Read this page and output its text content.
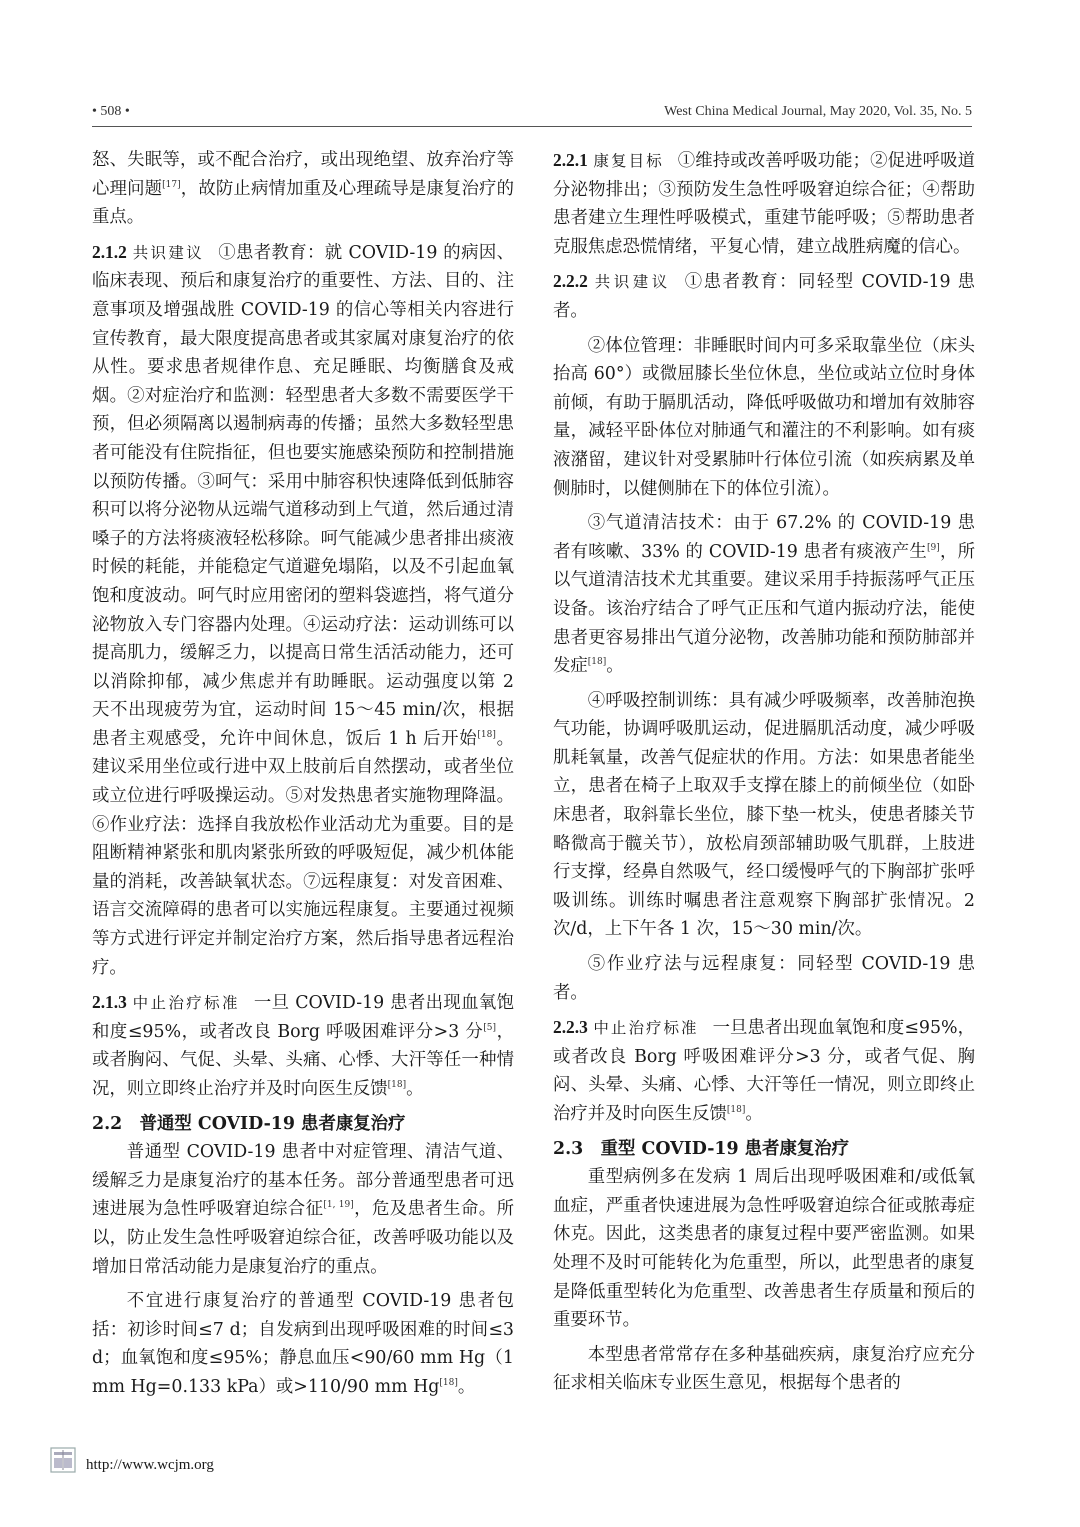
• 508 •	West China Medical Journal, May 2020, Vol. 35, No. 5

怒、失眠等，或不配合治疗，或出现绝望、放弃治疗等心理问题[17]，故防止病情加重及心理疏导是康复治疗的重点。

2.1.2 共识建议 ①患者教育：就 COVID-19 的病因、临床表现、预后和康复治疗的重要性、方法、目的、注意事项及增强战胜 COVID-19 的信心等相关内容进行宣传教育，最大限度提高患者或其家属对康复治疗的依从性。要求患者规律作息、充足睡眠、均衡膳食及戒烟。②对症治疗和监测：轻型患者大多数不需要医学干预，但必须隔离以遏制病毒的传播；虽然大多数轻型患者可能没有住院指征，但也要实施感染预防和控制措施以预防传播。③呵气：采用中肺容积快速降低到低肺容积可以将分泌物从远端气道移动到上气道，然后通过清嗓子的方法将痰液轻松移除。呵气能减少患者排出痰液时候的耗能，并能稳定气道避免塌陷，以及不引起血氧饱和度波动。呵气时应用密闭的塑料袋遮挡，将气道分泌物放入专门容器内处理。④运动疗法：运动训练可以提高肌力，缓解乏力，以提高日常生活活动能力，还可以消除抑郁，减少焦虑并有助睡眠。运动强度以第 2 天不出现疲劳为宜，运动时间 15～45 min/次，根据患者主观感受，允许中间休息，饭后 1 h 后开始[18]。建议采用坐位或行进中双上肢前后自然摆动，或者坐位或立位进行呼吸操运动。⑤对发热患者实施物理降温。⑥作业疗法：选择自我放松作业活动尤为重要。目的是阻断精神紧张和肌肉紧张所致的呼吸短促，减少机体能量的消耗，改善缺氧状态。⑦远程康复：对发音困难、语言交流障碍的患者可以实施远程康复。主要通过视频等方式进行评定并制定治疗方案，然后指导患者远程治疗。

2.1.3 中止治疗标准 一旦 COVID-19 患者出现血氧饱和度≤95%，或者改良 Borg 呼吸困难评分>3 分[5]，或者胸闷、气促、头晕、头痛、心悸、大汗等任一种情况，则立即终止治疗并及时向医生反馈[18]。

2.2　普通型 COVID-19 患者康复治疗

普通型 COVID-19 患者中对症管理、清洁气道、缓解乏力是康复治疗的基本任务。部分普通型患者可迅速进展为急性呼吸窘迫综合征[1, 19]，危及患者生命。所以，防止发生急性呼吸窘迫综合征，改善呼吸功能以及增加日常活动能力是康复治疗的重点。

不宜进行康复治疗的普通型 COVID-19 患者包括：初诊时间≤7 d；自发病到出现呼吸困难的时间≤3 d；血氧饱和度≤95%；静息血压<90/60 mm Hg（1 mm Hg=0.133 kPa）或>110/90 mm Hg[18]。

2.2.1 康复目标 ①维持或改善呼吸功能；②促进呼吸道分泌物排出；③预防发生急性呼吸窘迫综合征；④帮助患者建立生理性呼吸模式，重建节能呼吸；⑤帮助患者克服焦虑恐慌情绪，平复心情，建立战胜病魔的信心。

2.2.2 共识建议 ①患者教育：同轻型 COVID-19 患者。

②体位管理：非睡眠时间内可多采取靠坐位（床头抬高 60°）或微屈膝长坐位休息，坐位或站立位时身体前倾，有助于膈肌活动，降低呼吸做功和增加有效肺容量，减轻平卧体位对肺通气和灌注的不利影响。如有痰液潴留，建议针对受累肺叶行体位引流（如疾病累及单侧肺时，以健侧肺在下的体位引流）。

③气道清洁技术：由于 67.2% 的 COVID-19 患者有咳嗽、33% 的 COVID-19 患者有痰液产生[9]，所以气道清洁技术尤其重要。建议采用手持振荡呼气正压设备。该治疗结合了呼气正压和气道内振动疗法，能使患者更容易排出气道分泌物，改善肺功能和预防肺部并发症[18]。

④呼吸控制训练：具有减少呼吸频率，改善肺泡换气功能，协调呼吸肌运动，促进膈肌活动度，减少呼吸肌耗氧量，改善气促症状的作用。方法：如果患者能坐立，患者在椅子上取双手支撑在膝上的前倾坐位（如卧床患者，取斜靠长坐位，膝下垫一枕头，使患者膝关节略微高于髋关节），放松肩颈部辅助吸气肌群，上肢进行支撑，经鼻自然吸气，经口缓慢呼气的下胸部扩张呼吸训练。训练时嘱患者注意观察下胸部扩张情况。2 次/d，上下午各 1 次，15～30 min/次。

⑤作业疗法与远程康复：同轻型 COVID-19 患者。

2.2.3 中止治疗标准 一旦患者出现血氧饱和度≤95%，或者改良 Borg 呼吸困难评分>3 分，或者气促、胸闷、头晕、头痛、心悸、大汗等任一情况，则立即终止治疗并及时向医生反馈[18]。

2.3　重型 COVID-19 患者康复治疗

重型病例多在发病 1 周后出现呼吸困难和/或低氧血症，严重者快速进展为急性呼吸窘迫综合征或脓毒症休克。因此，这类患者的康复过程中要严密监测。如果处理不及时可能转化为危重型，所以，此型患者的康复是降低重型转化为危重型、改善患者生存质量和预后的重要环节。

本型患者常常存在多种基础疾病，康复治疗应充分征求相关临床专业医生意见，根据每个患者的

http://www.wcjm.org
